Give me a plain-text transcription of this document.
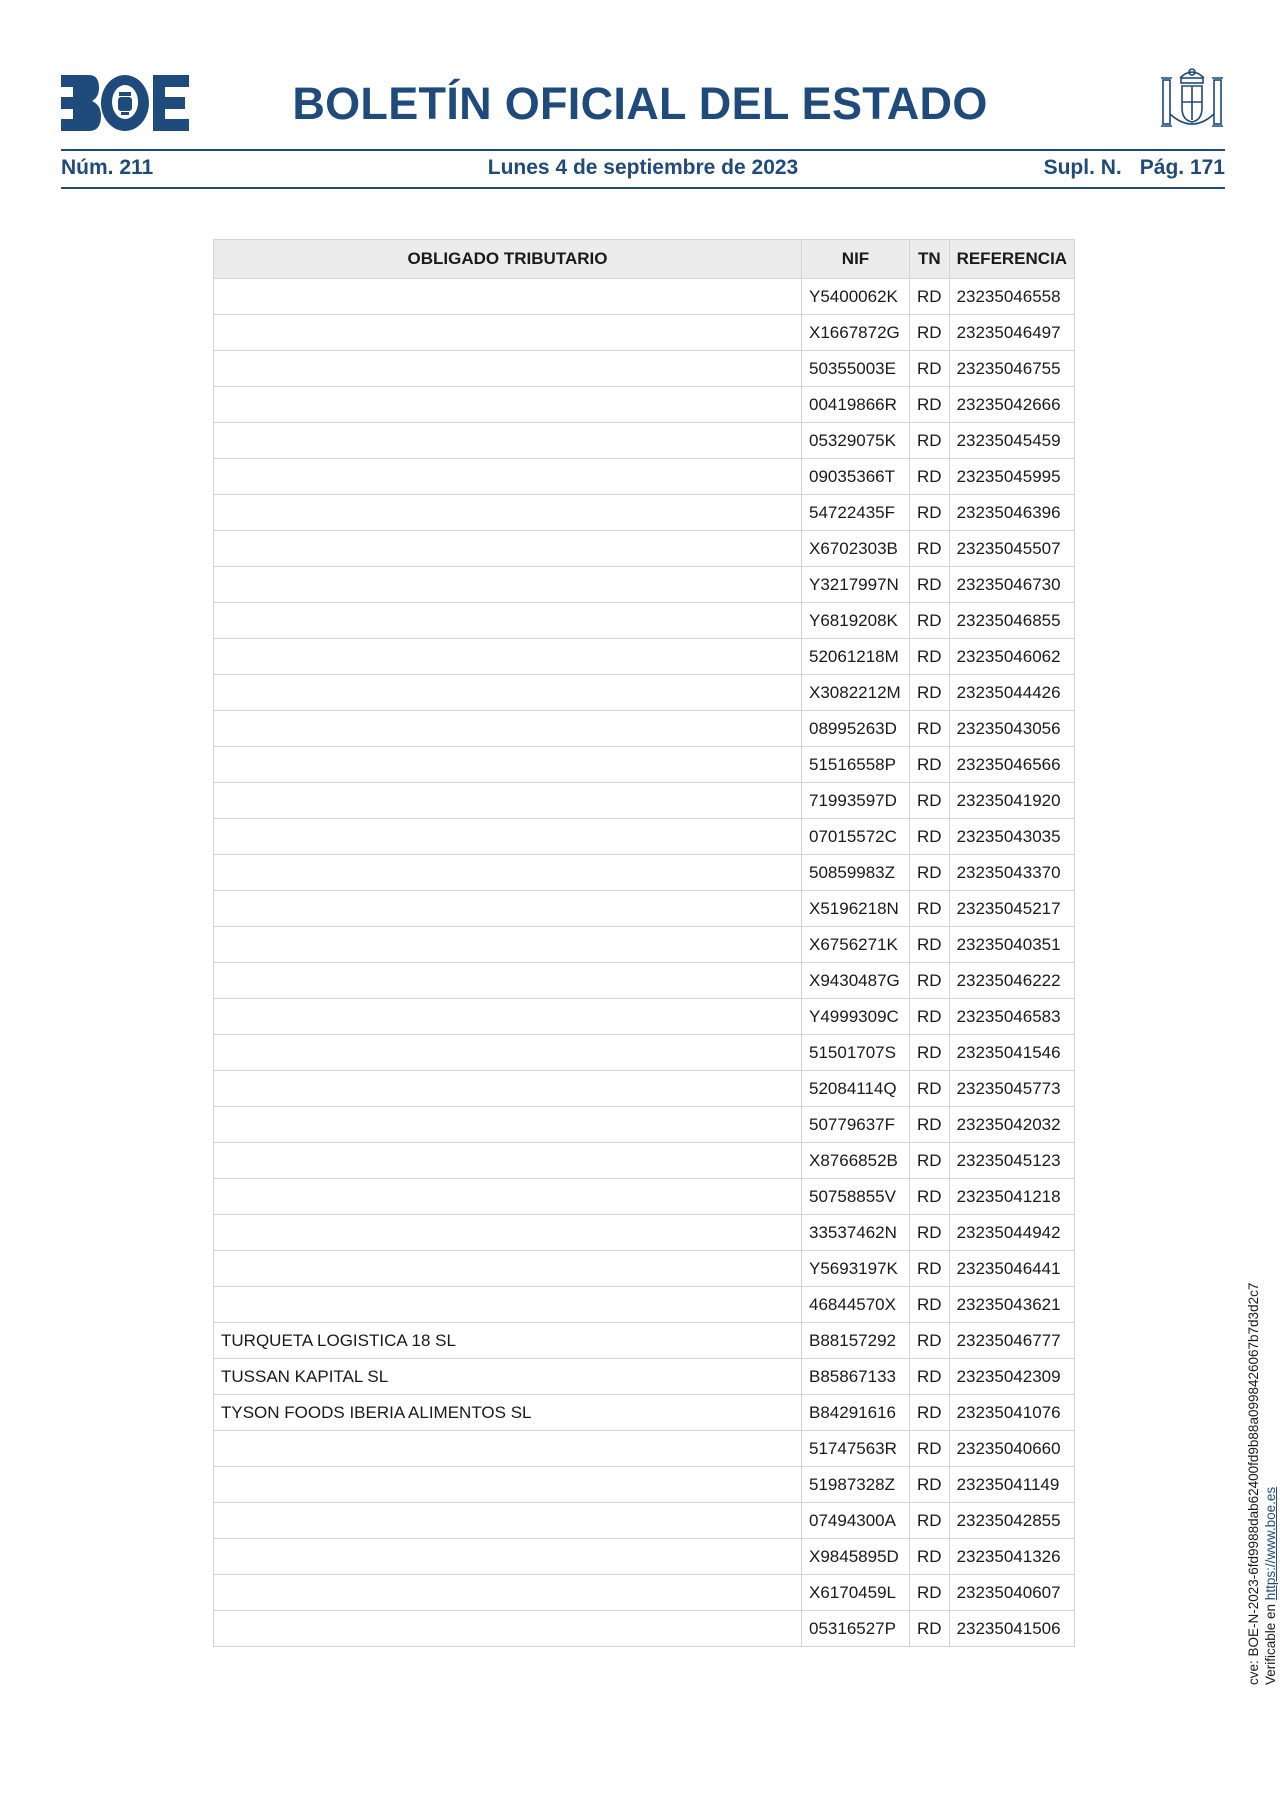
BOLETÍN OFICIAL DEL ESTADO
Núm. 211	Lunes 4 de septiembre de 2023	Supl. N. Pág. 171
OBLIGADO TRIBUTARIO	NIF	TN	REFERENCIA
	Y5400062K	RD	23235046558
	X1667872G	RD	23235046497
	50355003E	RD	23235046755
	00419866R	RD	23235042666
	05329075K	RD	23235045459
	09035366T	RD	23235045995
	54722435F	RD	23235046396
	X6702303B	RD	23235045507
	Y3217997N	RD	23235046730
	Y6819208K	RD	23235046855
	52061218M	RD	23235046062
	X3082212M	RD	23235044426
	08995263D	RD	23235043056
	51516558P	RD	23235046566
	71993597D	RD	23235041920
	07015572C	RD	23235043035
	50859983Z	RD	23235043370
	X5196218N	RD	23235045217
	X6756271K	RD	23235040351
	X9430487G	RD	23235046222
	Y4999309C	RD	23235046583
	51501707S	RD	23235041546
	52084114Q	RD	23235045773
	50779637F	RD	23235042032
	X8766852B	RD	23235045123
	50758855V	RD	23235041218
	33537462N	RD	23235044942
	Y5693197K	RD	23235046441
	46844570X	RD	23235043621
TURQUETA LOGISTICA 18 SL	B88157292	RD	23235046777
TUSSAN KAPITAL SL	B85867133	RD	23235042309
TYSON FOODS IBERIA ALIMENTOS SL	B84291616	RD	23235041076
	51747563R	RD	23235040660
	51987328Z	RD	23235041149
	07494300A	RD	23235042855
	X9845895D	RD	23235041326
	X6170459L	RD	23235040607
	05316527P	RD	23235041506	cve: BOE-N-2023-6fd9988dab62400fd9b88a0998426067b7d3d2c7 Verificable en https://www.boe.es
